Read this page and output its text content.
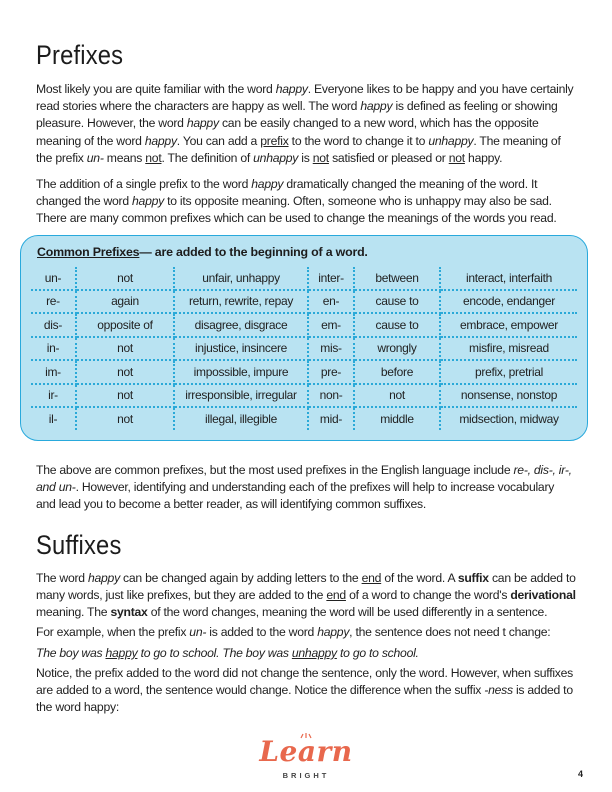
Prefixes

Most likely you are quite familiar with the word happy. Everyone likes to be happy and you have certainly read stories where the characters are happy as well. The word happy is defined as feeling or showing pleasure. However, the word happy can be easily changed to a new word, which has the opposite meaning of the word happy. You can add a prefix to the word to change it to unhappy. The meaning of the prefix un- means not. The definition of unhappy is not satisfied or pleased or not happy.

The addition of a single prefix to the word happy dramatically changed the meaning of the word. It changed the word happy to its opposite meaning. Often, someone who is unhappy may also be sad. There are many common prefixes which can be used to change the meanings of the words you read.

Common Prefixes— are added to the beginning of a word.
un-	not	unfair, unhappy	inter-	between	interact, interfaith
re-	again	return, rewrite, repay	en-	cause to	encode, endanger
dis-	opposite of	disagree, disgrace	em-	cause to	embrace, empower
in-	not	injustice, insincere	mis-	wrongly	misfire, misread
im-	not	impossible, impure	pre-	before	prefix, pretrial
ir-	not	irresponsible, irregular	non-	not	nonsense, nonstop
il-	not	illegal, illegible	mid-	middle	midsection, midway

The above are common prefixes, but the most used prefixes in the English language include re-, dis-, ir-, and un-. However, identifying and understanding each of the prefixes will help to increase vocabulary and lead you to become a better reader, as will identifying common suffixes.

Suffixes

The word happy can be changed again by adding letters to the end of the word. A suffix can be added to many words, just like prefixes, but they are added to the end of a word to change the word's derivational meaning. The syntax of the word changes, meaning the word will be used differently in a sentence.

For example, when the prefix un- is added to the word happy, the sentence does not need t change:

The boy was happy to go to school. The boy was unhappy to go to school.

Notice, the prefix added to the word did not change the sentence, only the word. However, when suffixes are added to a word, the sentence would change. Notice the difference when the suffix -ness is added to the word happy:

Learn
BRIGHT	4
